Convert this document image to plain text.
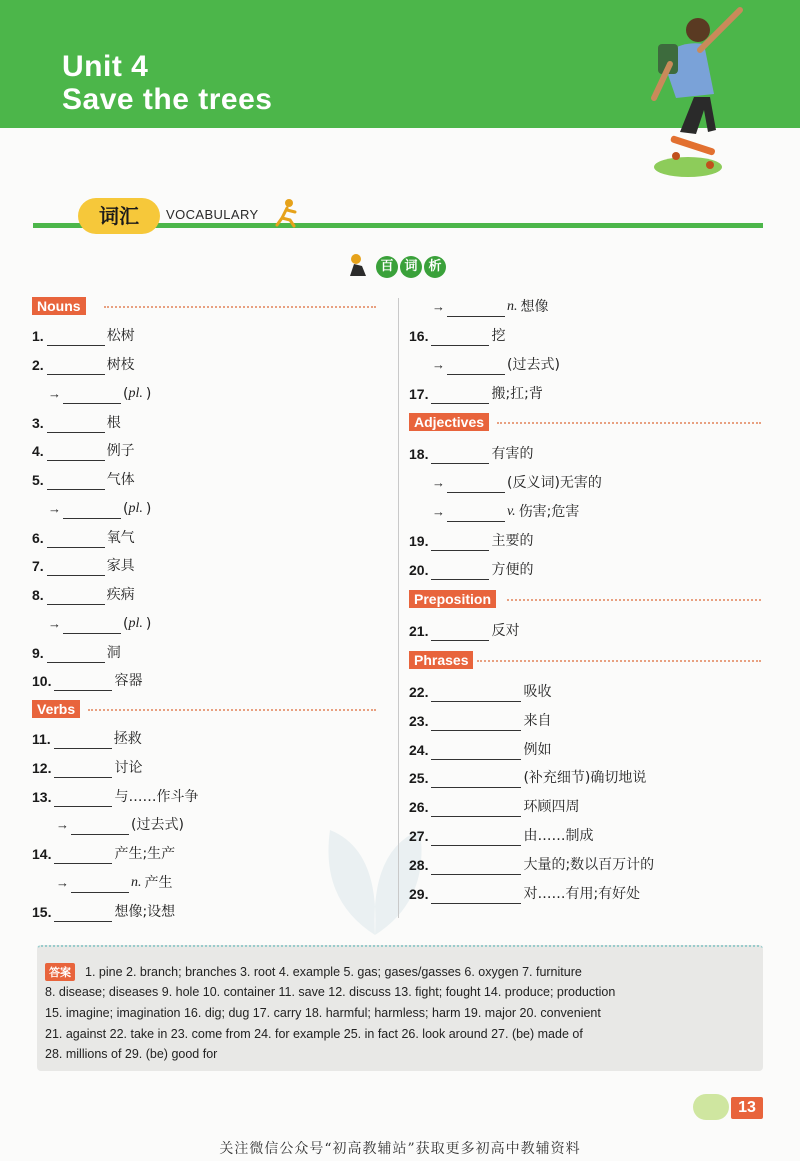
Unit 4
Save the trees
词汇	VOCABULARY
百 词 析
Nouns
1.	松树
2.	树枝
→	( pl. )
3.	根
4.	例子
5.	气体
→	( pl. )
6.	氧气
7.	家具
8.	疾病
→	( pl. )
9.	洞
10.	容器
Verbs
11.	拯救
12.	讨论
13.	与……作斗争
→	(过去式)
14.	产生;生产
→	n. 产生
15.	想像;设想
→	n. 想像
16.	挖
→	(过去式)
17.	搬;扛;背
Adjectives
18.	有害的
→	(反义词)无害的
→	v. 伤害;危害
19.	主要的
20.	方便的
Preposition
21.	反对
Phrases
22.	吸收
23.	来自
24.	例如
25.	(补充细节)确切地说
26.	环顾四周
27.	由……制成
28.	大量的;数以百万计的
29.	对……有用;有好处
答案 1. pine 2. branch; branches 3. root 4. example 5. gas; gases/gasses 6. oxygen 7. furniture
8. disease; diseases 9. hole 10. container 11. save 12. discuss 13. fight; fought 14. produce; production
15. imagine; imagination 16. dig; dug 17. carry 18. harmful; harmless; harm 19. major 20. convenient
21. against 22. take in 23. come from 24. for example 25. in fact 26. look around 27. (be) made of
28. millions of 29. (be) good for
13
关注微信公众号“初高教辅站”获取更多初高中教辅资料
